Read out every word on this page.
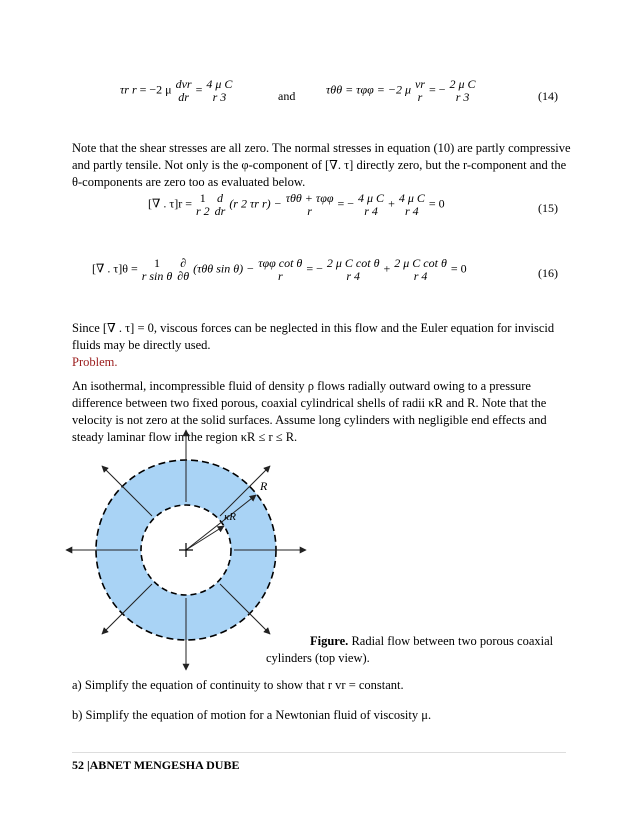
τr r = −2 μ dvr
dr
= 4 μ C
r 3	and	τθθ = τφφ = −2 μ vr
r
= − 2 μ C
r 3	(14)

Note that the shear stresses are all zero. The normal stresses in equation (10) are partly compressive and partly tensile. Not only is the φ-component of [∇. τ] directly zero, but the r-component and the θ-components are zero too as evaluated below.

[∇ . τ]r = 1
r 2

d
dr
(r 2 τr r) − τθθ + τφφ
r
= − 4 μ C
r 4
+ 4 μ C
r 4
= 0	(15)
[∇ . τ]θ =	1
r sin θ

∂
∂θ
(τθθ sin θ) − τφφ cot θ
r
= − 2 μ C cot θ
r 4
+ 2 μ C cot θ
r 4
= 0	(16)

Since [∇ . τ] = 0, viscous forces can be neglected in this flow and the Euler equation for inviscid fluids may be directly used.

Problem.

An isothermal, incompressible fluid of density ρ flows radially outward owing to a pressure difference between two fixed porous, coaxial cylindrical shells of radii κR and R. Note that the velocity is not zero at the solid surfaces. Assume long cylinders with negligible end effects and steady laminar flow in the region κR ≤ r ≤ R.

R
κR
Figure. Radial flow between two porous coaxial
cylinders (top view).
a) Simplify the equation of continuity to show that r vr = constant.
b) Simplify the equation of motion for a Newtonian fluid of viscosity μ.
52 |ABNET MENGESHA DUBE
